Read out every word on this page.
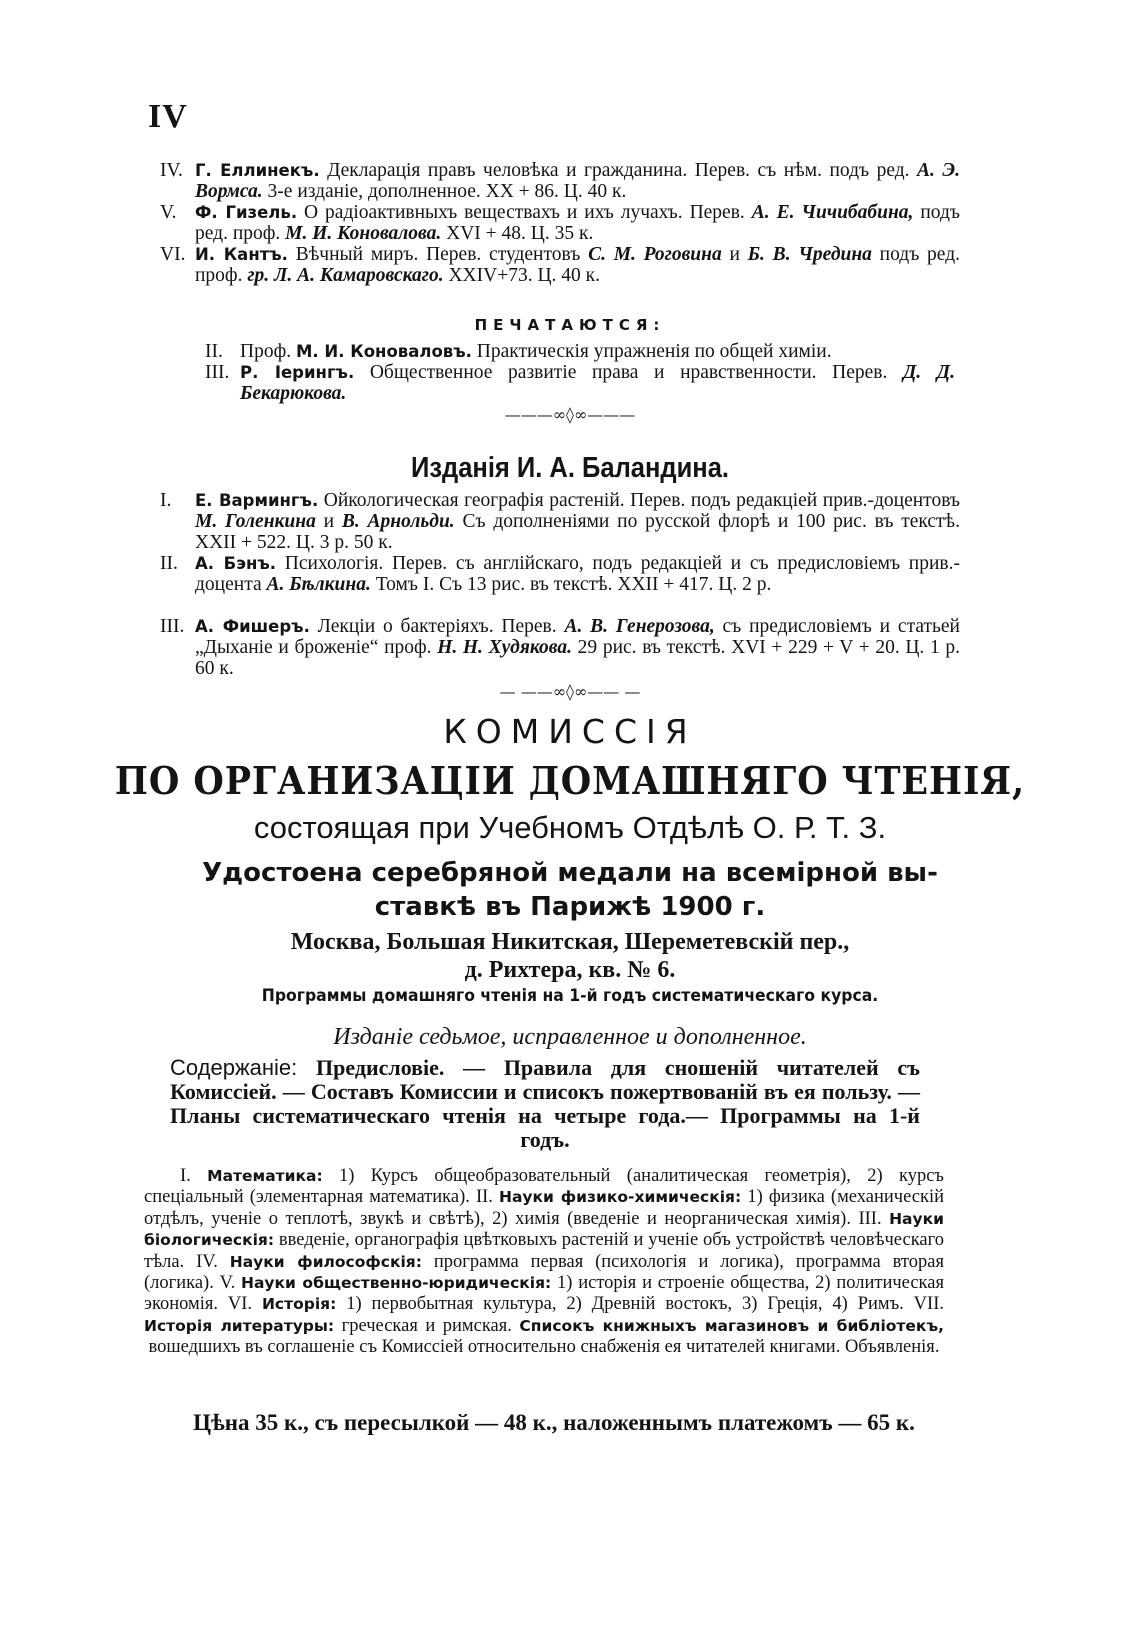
IV
IV. Г. Еллинекъ. Декларація правъ человѣка и гражданина. Перев. съ нѣм. подъ ред. А. Э. Вормса. 3-е изданіе, дополненное. XX + 86. Ц. 40 к.
V. Ф. Гизель. О радіоактивныхъ веществахъ и ихъ лучахъ. Перев. А. Е. Чичибабина, подъ ред. проф. М. И. Коновалова. XVI + 48. Ц. 35 к.
VI. И. Кантъ. Вѣчный миръ. Перев. студентовъ С. М. Роговина и Б. В. Чредина подъ ред. проф. гр. Л. А. Камаровскаго. XXIV+73. Ц. 40 к.
ПЕЧАТАЮТСЯ:
II. Проф. М. И. Коноваловъ. Практическія упражненія по общей химіи.
III. Р. Іерингъ. Общественное развитіе права и нравственности. Перев. Д. Д. Бекарюкова.
———∞◊∞———
Изданія И. А. Баландина.
I. Е. Вармингъ. Ойкологическая географія растеній. Перев. подъ редакціей прив.-доцентовъ М. Голенкина и В. Арнольди. Съ дополненіями по русской флорѣ и 100 рис. въ текстѣ. XXII + 522. Ц. 3 р. 50 к.
II. А. Бэнъ. Психологія. Перев. съ англійскаго, подъ редакціей и съ предисловіемъ прив.-доцента А. Бѣлкина. Томъ I. Съ 13 рис. въ текстѣ. XXII + 417. Ц. 2 р.
III. А. Фишеръ. Лекціи о бактеріяхъ. Перев. А. В. Генерозова, съ предисловіемъ и статьей „Дыханіе и броженіе“ проф. Н. Н. Худякова. 29 рис. въ текстѣ. XVI + 229 + V + 20. Ц. 1 р. 60 к.
— ——∞◊∞—— —
КОМИССІЯ
ПО ОРГАНИЗАЦІИ ДОМАШНЯГО ЧТЕНІЯ,
состоящая при Учебномъ Отдѣлѣ О. Р. Т. З.
Удостоена серебряной медали на всемірной вы-
ставкѣ въ Парижѣ 1900 г.
Москва, Большая Никитская, Шереметевскій пер.,
д. Рихтера, кв. № 6.
Программы домашняго чтенія на 1-й годъ систематическаго курса.
Изданіе седьмое, исправленное и дополненное.
Содержаніе: Предисловіе. — Правила для сношеній читателей съ Комиссіей. — Составъ Комиссии и списокъ пожертвованій въ ея пользу. —Планы систематическаго чтенія на четыре года.— Программы на 1-й годъ.
I. Математика: 1) Курсъ общеобразовательный (аналитическая геометрія), 2) курсъ спеціальный (элементарная математика). II. Науки физико-химическія: 1) физика (механическій отдѣлъ, ученіе о теплотѣ, звукѣ и свѣтѣ), 2) химія (введеніе и неорганическая химія). III. Науки біологическія: введеніе, органографія цвѣтковыхъ растеній и ученіе объ устройствѣ человѣческаго тѣла. IV. Науки философскія: программа первая (психологія и логика), программа вторая (логика). V. Науки общественно-юридическія: 1) исторія и строеніе общества, 2) политическая экономія. VI. Исторія: 1) первобытная культура, 2) Древній востокъ, 3) Греція, 4) Римъ. VII. Исторія литературы: греческая и римская. Списокъ книжныхъ магазиновъ и библіотекъ, вошедшихъ въ соглашеніе съ Комиссіей относительно снабженія ея читателей книгами. Объявленія.
Цѣна 35 к., съ пересылкой — 48 к., наложеннымъ платежомъ — 65 к.
